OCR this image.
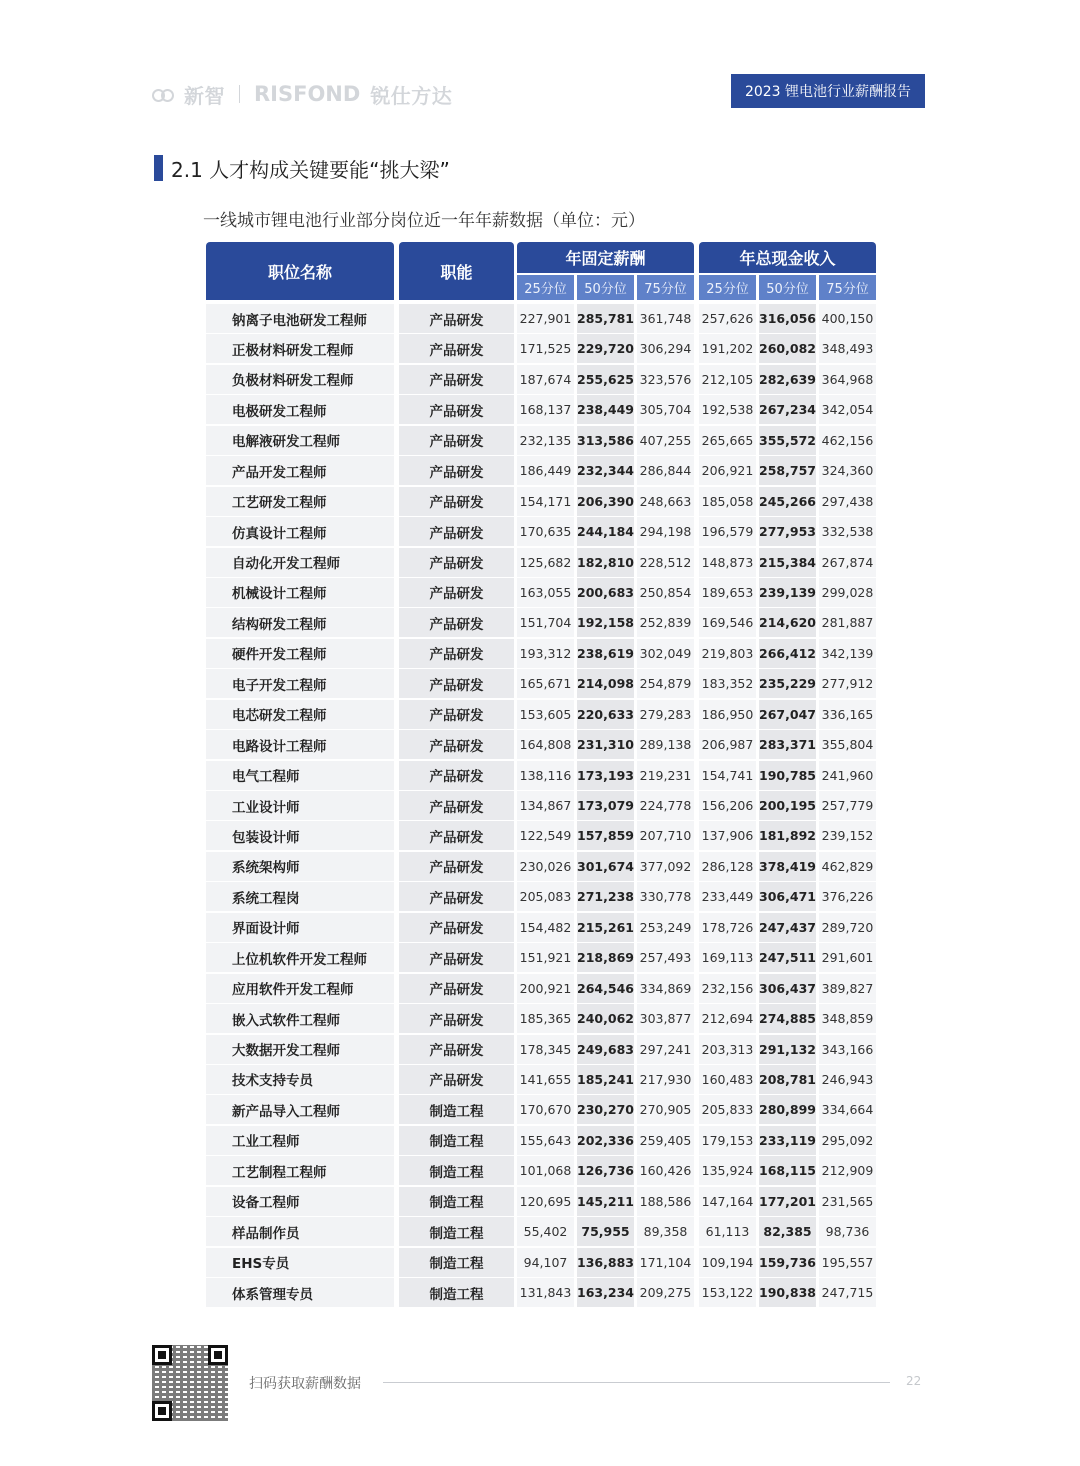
新智 RISFOND 锐仕方达	2023 锂电池行业薪酬报告
2.1 人才构成关键要能“挑大梁”
一线城市锂电池行业部分岗位近一年年薪数据（单位：元）
职位名称	职能
年固定薪酬	年总现金收入
25分位	50分位	75分位	25分位	50分位	75分位
钠离子电池研发工程师	产品研发	227,901 285,781 361,748 257,626 316,056 400,150
正极材料研发工程师	产品研发	171,525 229,720 306,294 191,202 260,082 348,493
负极材料研发工程师	产品研发	187,674 255,625 323,576 212,105 282,639 364,968
电极研发工程师	产品研发	168,137 238,449 305,704 192,538 267,234 342,054
电解液研发工程师	产品研发	232,135 313,586 407,255 265,665 355,572 462,156
产品开发工程师	产品研发	186,449 232,344 286,844 206,921 258,757 324,360
工艺研发工程师	产品研发	154,171 206,390 248,663 185,058 245,266 297,438
仿真设计工程师	产品研发	170,635 244,184 294,198 196,579 277,953 332,538
自动化开发工程师	产品研发	125,682 182,810 228,512 148,873 215,384 267,874
机械设计工程师	产品研发	163,055 200,683 250,854 189,653 239,139 299,028
结构研发工程师	产品研发	151,704 192,158 252,839 169,546 214,620 281,887
硬件开发工程师	产品研发	193,312 238,619 302,049 219,803 266,412 342,139
电子开发工程师	产品研发	165,671 214,098 254,879 183,352 235,229 277,912
电芯研发工程师	产品研发	153,605 220,633 279,283 186,950 267,047 336,165
电路设计工程师	产品研发	164,808 231,310 289,138 206,987 283,371 355,804
电气工程师	产品研发	138,116 173,193 219,231 154,741 190,785 241,960
工业设计师	产品研发	134,867 173,079 224,778 156,206 200,195 257,779
包装设计师	产品研发	122,549 157,859 207,710 137,906 181,892 239,152
系统架构师	产品研发	230,026 301,674 377,092 286,128 378,419 462,829
系统工程岗	产品研发	205,083 271,238 330,778 233,449 306,471 376,226
界面设计师	产品研发	154,482 215,261 253,249 178,726 247,437 289,720
上位机软件开发工程师	产品研发	151,921 218,869 257,493 169,113 247,511 291,601
应用软件开发工程师	产品研发	200,921 264,546 334,869 232,156 306,437 389,827
嵌入式软件工程师	产品研发	185,365 240,062 303,877 212,694 274,885 348,859
大数据开发工程师	产品研发	178,345 249,683 297,241 203,313 291,132 343,166
技术支持专员	产品研发	141,655 185,241 217,930 160,483 208,781 246,943
新产品导入工程师	制造工程	170,670 230,270 270,905 205,833 280,899 334,664
工业工程师	制造工程	155,643 202,336 259,405 179,153 233,119 295,092
工艺制程工程师	制造工程	101,068 126,736 160,426 135,924 168,115 212,909
设备工程师	制造工程	120,695 145,211 188,586 147,164 177,201 231,565
样品制作员	制造工程	55,402	75,955	89,358	61,113	82,385	98,736
EHS专员	制造工程	94,107 136,883 171,104 109,194 159,736 195,557
体系管理专员	制造工程	131,843 163,234 209,275 153,122 190,838 247,715
扫码获取薪酬数据	22
